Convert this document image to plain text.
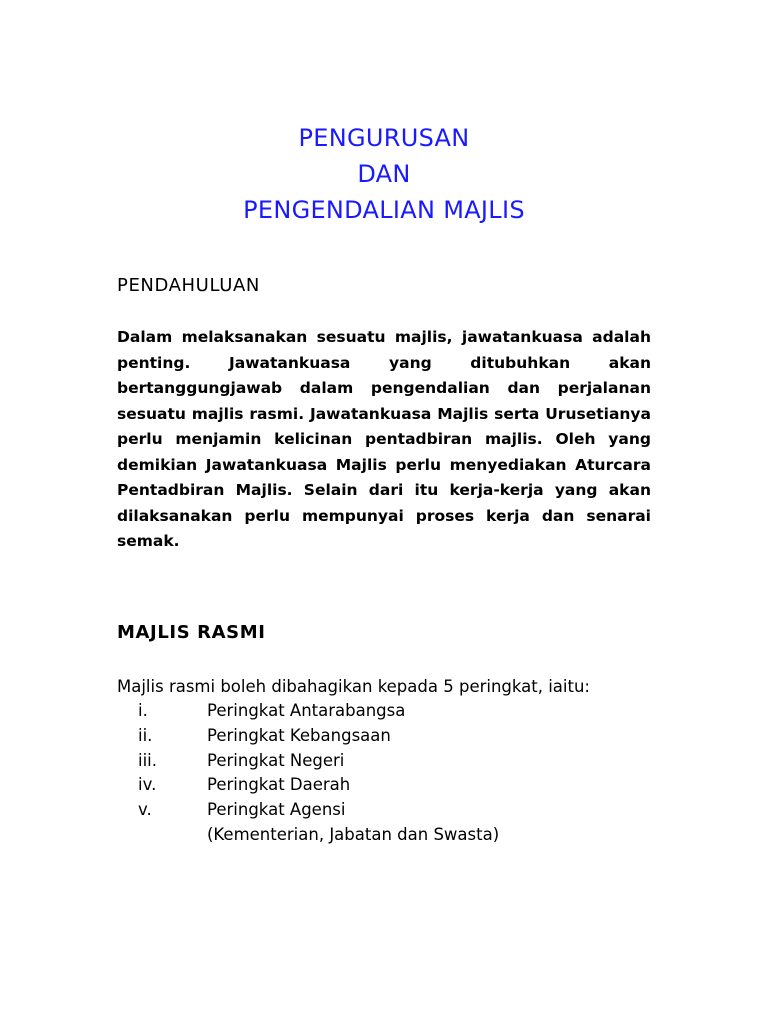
PENGURUSAN
DAN
PENGENDALIAN MAJLIS
PENDAHULUAN

Dalam melaksanakan sesuatu majlis, jawatankuasa adalah penting. Jawatankuasa yang ditubuhkan akan bertanggungjawab dalam pengendalian dan perjalanan sesuatu majlis rasmi. Jawatankuasa Majlis serta Urusetianya perlu menjamin kelicinan pentadbiran majlis. Oleh yang demikian Jawatankuasa Majlis perlu menyediakan Aturcara Pentadbiran Majlis. Selain dari itu kerja-kerja yang akan dilaksanakan perlu mempunyai proses kerja dan senarai semak.

MAJLIS RASMI
Majlis rasmi boleh dibahagikan kepada 5 peringkat, iaitu:
i.	Peringkat Antarabangsa
ii.	Peringkat Kebangsaan
iii.	Peringkat Negeri
iv.	Peringkat Daerah
v.	Peringkat Agensi
(Kementerian, Jabatan dan Swasta)
